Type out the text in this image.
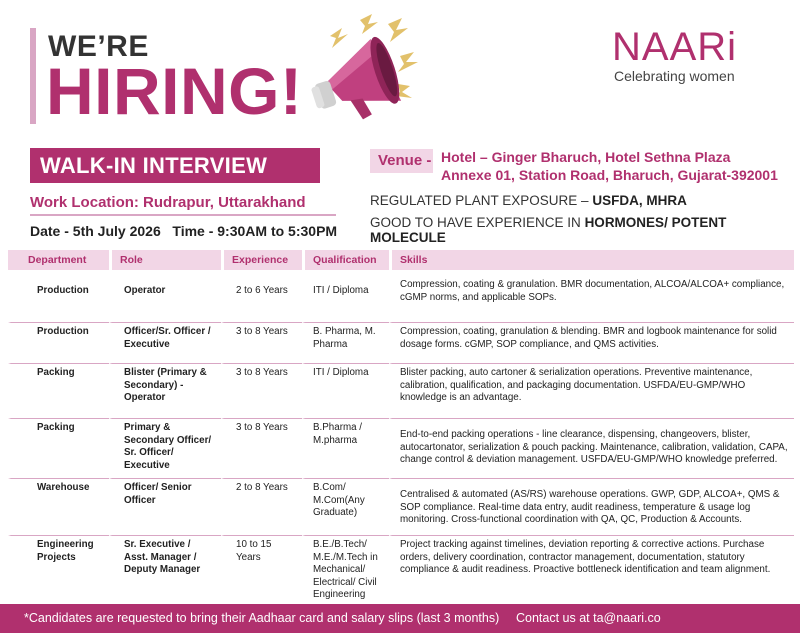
WE’RE
HIRING!
NAARi
Celebrating women
WALK-IN INTERVIEW
Work Location: Rudrapur, Uttarakhand
Date - 5th July 2026   Time - 9:30AM to 5:30PM
Venue - Hotel – Ginger Bharuch, Hotel Sethna Plaza
Annexe 01, Station Road, Bharuch, Gujarat-392001
REGULATED PLANT EXPOSURE – USFDA, MHRA
GOOD TO HAVE EXPERIENCE IN HORMONES/ POTENT MOLECULE
Department	Role	Experience	Qualification	Skills

Production	Operator	2 to 6 Years	ITI / Diploma	Compression, coating & granulation. BMR documentation, ALCOA/ALCOA+ compliance, cGMP norms, and applicable SOPs.
Production	Officer/Sr. Officer / Executive	3 to 8 Years	B. Pharma, M. Pharma	Compression, coating, granulation & blending. BMR and logbook maintenance for solid dosage forms. cGMP, SOP compliance, and QMS activities.
Packing	Blister (Primary & Secondary) - Operator	3 to 8 Years	ITI / Diploma	Blister packing, auto cartoner & serialization operations. Preventive maintenance, calibration, qualification, and packaging documentation. USFDA/EU-GMP/WHO knowledge is an advantage.
Packing	Primary & Secondary Officer/ Sr. Officer/ Executive	3 to 8 Years	B.Pharma / M.pharma	End-to-end packing operations - line clearance, dispensing, changeovers, blister, autocartonator, serialization & pouch packing. Maintenance, calibration, validation, CAPA, change control & deviation management. USFDA/EU-GMP/WHO knowledge preferred.
Warehouse	Officer/ Senior Officer	2 to 8 Years	B.Com/ M.Com(Any Graduate)	Centralised & automated (AS/RS) warehouse operations. GWP, GDP, ALCOA+, QMS & SOP compliance. Real-time data entry, audit readiness, temperature & usage log monitoring. Cross-functional coordination with QA, QC, Production & Accounts.
Engineering Projects	Sr. Executive / Asst. Manager / Deputy Manager	10 to 15 Years	B.E./B.Tech/ M.E./M.Tech in Mechanical/ Electrical/ Civil Engineering	Project tracking against timelines, deviation reporting & corrective actions. Purchase orders, delivery coordination, contractor management, documentation, statutory compliance & audit readiness. Proactive bottleneck identification and team alignment.
*Candidates are requested to bring their Aadhaar card and salary slips (last 3 months) Contact us at ta@naari.co
